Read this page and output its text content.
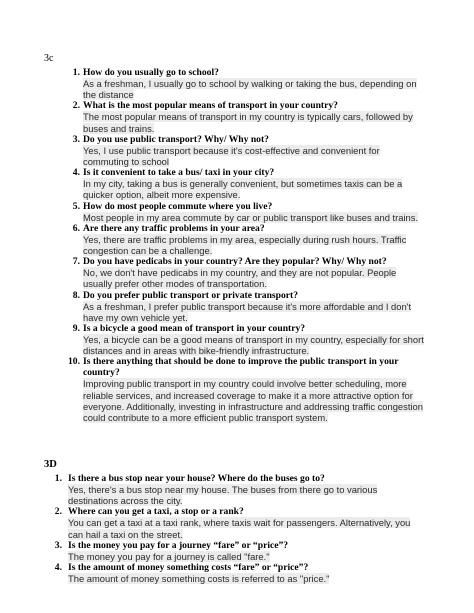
3c
1. How do you usually go to school?
As a freshman, I usually go to school by walking or taking the bus, depending on the distance
2. What is the most popular means of transport in your country?
The most popular means of transport in my country is typically cars, followed by buses and trains.
3. Do you use public transport? Why/ Why not?
Yes, I use public transport because it's cost-effective and convenient for commuting to school
4. Is it convenient to take a bus/ taxi in your city?
In my city, taking a bus is generally convenient, but sometimes taxis can be a quicker option, albeit more expensive.
5. How do most people commute where you live?
Most people in my area commute by car or public transport like buses and trains.
6. Are there any traffic problems in your area?
Yes, there are traffic problems in my area, especially during rush hours. Traffic congestion can be a challenge.
7. Do you have pedicabs in your country? Are they popular? Why/ Why not?
No, we don't have pedicabs in my country, and they are not popular. People usually prefer other modes of transportation.
8. Do you prefer public transport or private transport?
As a freshman, I prefer public transport because it's more affordable and I don't have my own vehicle yet.
9. Is a bicycle a good mean of transport in your country?
Yes, a bicycle can be a good means of transport in my country, especially for short distances and in areas with bike-friendly infrastructure.
10. Is there anything that should be done to improve the public transport in your country?
Improving public transport in my country could involve better scheduling, more reliable services, and increased coverage to make it a more attractive option for everyone. Additionally, investing in infrastructure and addressing traffic congestion could contribute to a more efficient public transport system.
3D
1. Is there a bus stop near your house? Where do the buses go to?
Yes, there's a bus stop near my house. The buses from there go to various destinations across the city.
2. Where can you get a taxi, a stop or a rank?
You can get a taxi at a taxi rank, where taxis wait for passengers. Alternatively, you can hail a taxi on the street.
3. Is the money you pay for a journey “fare” or “price”?
The money you pay for a journey is called "fare."
4. Is the amount of money something costs “fare” or “price”?
The amount of money something costs is referred to as "price."
